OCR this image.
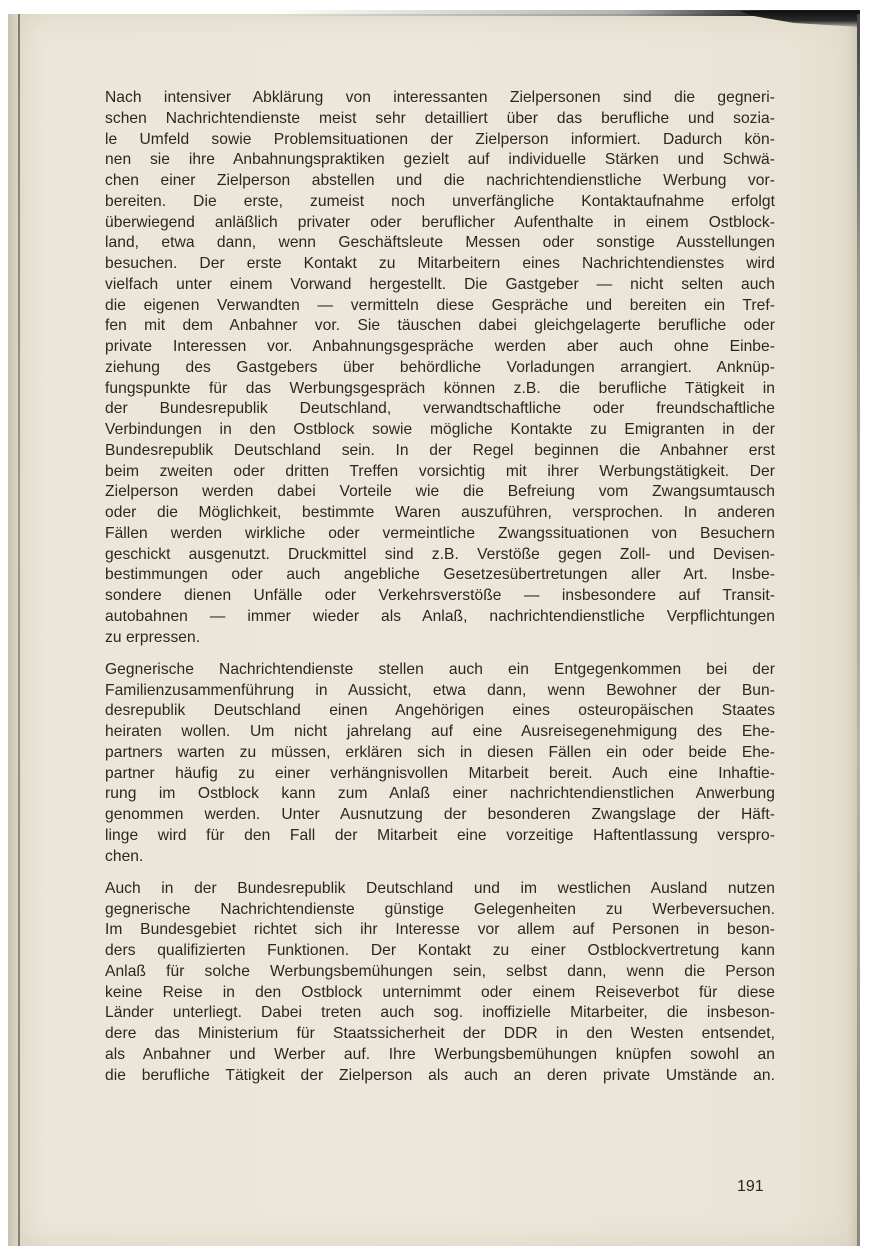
Nach intensiver Abklärung von interessanten Zielpersonen sind die gegneri-
schen Nachrichtendienste meist sehr detailliert über das berufliche und sozia-
le Umfeld sowie Problemsituationen der Zielperson informiert. Dadurch kön-
nen sie ihre Anbahnungspraktiken gezielt auf individuelle Stärken und Schwä-
chen einer Zielperson abstellen und die nachrichtendienstliche Werbung vor-
bereiten. Die erste, zumeist noch unverfängliche Kontaktaufnahme erfolgt
überwiegend anläßlich privater oder beruflicher Aufenthalte in einem Ostblock-
land, etwa dann, wenn Geschäftsleute Messen oder sonstige Ausstellungen
besuchen. Der erste Kontakt zu Mitarbeitern eines Nachrichtendienstes wird
vielfach unter einem Vorwand hergestellt. Die Gastgeber — nicht selten auch
die eigenen Verwandten — vermitteln diese Gespräche und bereiten ein Tref-
fen mit dem Anbahner vor. Sie täuschen dabei gleichgelagerte berufliche oder
private Interessen vor. Anbahnungsgespräche werden aber auch ohne Einbe-
ziehung des Gastgebers über behördliche Vorladungen arrangiert. Anknüp-
fungspunkte für das Werbungsgespräch können z.B. die berufliche Tätigkeit in
der Bundesrepublik Deutschland, verwandtschaftliche oder freundschaftliche
Verbindungen in den Ostblock sowie mögliche Kontakte zu Emigranten in der
Bundesrepublik Deutschland sein. In der Regel beginnen die Anbahner erst
beim zweiten oder dritten Treffen vorsichtig mit ihrer Werbungstätigkeit. Der
Zielperson werden dabei Vorteile wie die Befreiung vom Zwangsumtausch
oder die Möglichkeit, bestimmte Waren auszuführen, versprochen. In anderen
Fällen werden wirkliche oder vermeintliche Zwangssituationen von Besuchern
geschickt ausgenutzt. Druckmittel sind z.B. Verstöße gegen Zoll- und Devisen-
bestimmungen oder auch angebliche Gesetzesübertretungen aller Art. Insbe-
sondere dienen Unfälle oder Verkehrsverstöße — insbesondere auf Transit-
autobahnen — immer wieder als Anlaß, nachrichtendienstliche Verpflichtungen
zu erpressen.

Gegnerische Nachrichtendienste stellen auch ein Entgegenkommen bei der
Familienzusammenführung in Aussicht, etwa dann, wenn Bewohner der Bun-
desrepublik Deutschland einen Angehörigen eines osteuropäischen Staates
heiraten wollen. Um nicht jahrelang auf eine Ausreisegenehmigung des Ehe-
partners warten zu müssen, erklären sich in diesen Fällen ein oder beide Ehe-
partner häufig zu einer verhängnisvollen Mitarbeit bereit. Auch eine Inhaftie-
rung im Ostblock kann zum Anlaß einer nachrichtendienstlichen Anwerbung
genommen werden. Unter Ausnutzung der besonderen Zwangslage der Häft-
linge wird für den Fall der Mitarbeit eine vorzeitige Haftentlassung verspro-
chen.

Auch in der Bundesrepublik Deutschland und im westlichen Ausland nutzen
gegnerische Nachrichtendienste günstige Gelegenheiten zu Werbeversuchen.
Im Bundesgebiet richtet sich ihr Interesse vor allem auf Personen in beson-
ders qualifizierten Funktionen. Der Kontakt zu einer Ostblockvertretung kann
Anlaß für solche Werbungsbemühungen sein, selbst dann, wenn die Person
keine Reise in den Ostblock unternimmt oder einem Reiseverbot für diese
Länder unterliegt. Dabei treten auch sog. inoffizielle Mitarbeiter, die insbeson-
dere das Ministerium für Staatssicherheit der DDR in den Westen entsendet,
als Anbahner und Werber auf. Ihre Werbungsbemühungen knüpfen sowohl an
die berufliche Tätigkeit der Zielperson als auch an deren private Umstände an.

191
